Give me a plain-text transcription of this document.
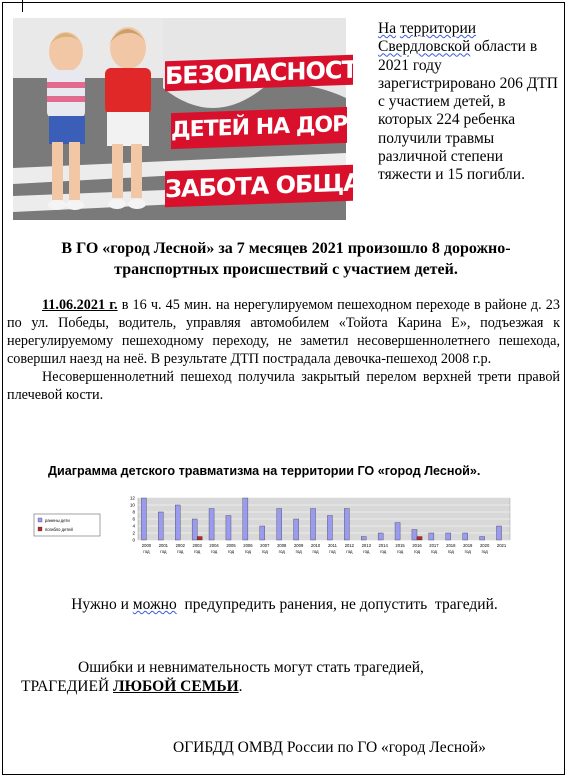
БЕЗОПАСНОСТЬ
ДЕТЕЙ НА ДОРОГЕ-
ЗАБОТА ОБЩАЯ
На территории Свердловской области в 2021 году зарегистрировано 206 ДТП с участием детей, в которых 224 ребенка получили травмы различной степени тяжести и 15 погибли.
В ГО «город Лесной» за 7 месяцев 2021 произошло 8 дорожно-транспортных происшествий с участием детей.

11.06.2021 г. в 16 ч. 45 мин. на нерегулируемом пешеходном переходе в районе д. 23 по ул. Победы, водитель, управляя автомобилем «Тойота Карина Е», подъезжая к нерегулируемому пешеходному переходу, не заметил несовершеннолетнего пешехода, совершил наезд на неё. В результате ДТП пострадала девочка-пешеход 2008 г.р.

Несовершеннолетний пешеход получила закрытый перелом верхней трети правой плечевой кости.

Диаграмма детского травматизма на территории ГО «город Лесной».
ранены дети
погибло детей
0
2
4
6
8
10
12
2000 год
2001 год
2002 год
2003 год
2004 год
2005 год
2006 год
2007 год
2008 год
2009 год
2010 год
2011 год
2012 год
2013 год
2014 год
2015 год
2016 год
2017 год
2018 год
2019 год
2020 год
2021
Нужно и можно  предупредить ранения, не допустить  трагедий.
Ошибки и невнимательность могут стать трагедией,
ТРАГЕДИЕЙ ЛЮБОЙ СЕМЬИ.
ОГИБДД ОМВД России по ГО «город Лесной»
